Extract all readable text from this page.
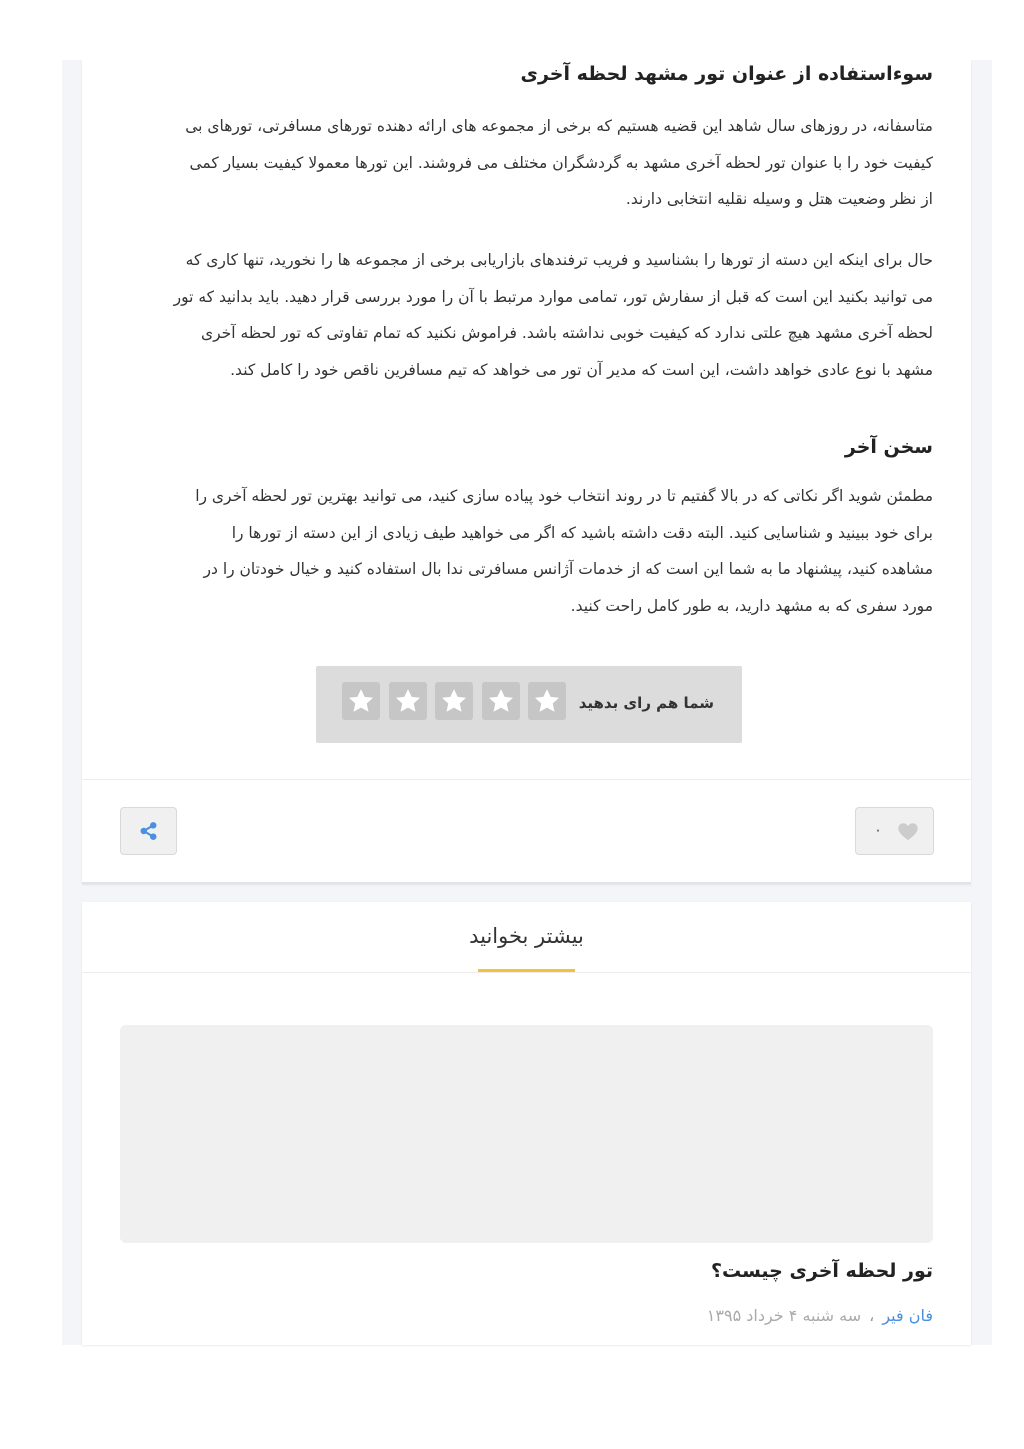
سوءاستفاده از عنوان تور مشهد لحظه آخری
متاسفانه، در روزهای سال شاهد این قضیه هستیم که برخی از مجموعه های ارائه دهنده تورهای مسافرتی، تورهای بی
کیفیت خود را با عنوان تور لحظه آخری مشهد به گردشگران مختلف می فروشند. این تورها معمولا کیفیت بسیار کمی
از نظر وضعیت هتل و وسیله نقلیه انتخابی دارند.
حال برای اینکه این دسته از تورها را بشناسید و فریب ترفندهای بازاریابی برخی از مجموعه ها را نخورید، تنها کاری که
می توانید بکنید این است که قبل از سفارش تور، تمامی موارد مرتبط با آن را مورد بررسی قرار دهید. باید بدانید که تور
لحظه آخری مشهد هیچ علتی ندارد که کیفیت خوبی نداشته باشد. فراموش نکنید که تمام تفاوتی که تور لحظه آخری
مشهد با نوع عادی خواهد داشت، این است که مدیر آن تور می خواهد که تیم مسافرین ناقص خود را کامل کند.
سخن آخر
مطمئن شوید اگر نکاتی که در بالا گفتیم تا در روند انتخاب خود پیاده سازی کنید، می توانید بهترین تور لحظه آخری را
برای خود ببینید و شناسایی کنید. البته دقت داشته باشید که اگر می خواهید طیف زیادی از این دسته از تورها را
مشاهده کنید، پیشنهاد ما به شما این است که از خدمات آژانس مسافرتی ندا بال استفاده کنید و خیال خودتان را در
مورد سفری که به مشهد دارید، به طور کامل راحت کنید.
شما هم رای بدهید
۰
بیشتر بخوانید
تور لحظه آخری چیست؟
فان فیر،سه شنبه ۴ خرداد ۱۳۹۵
